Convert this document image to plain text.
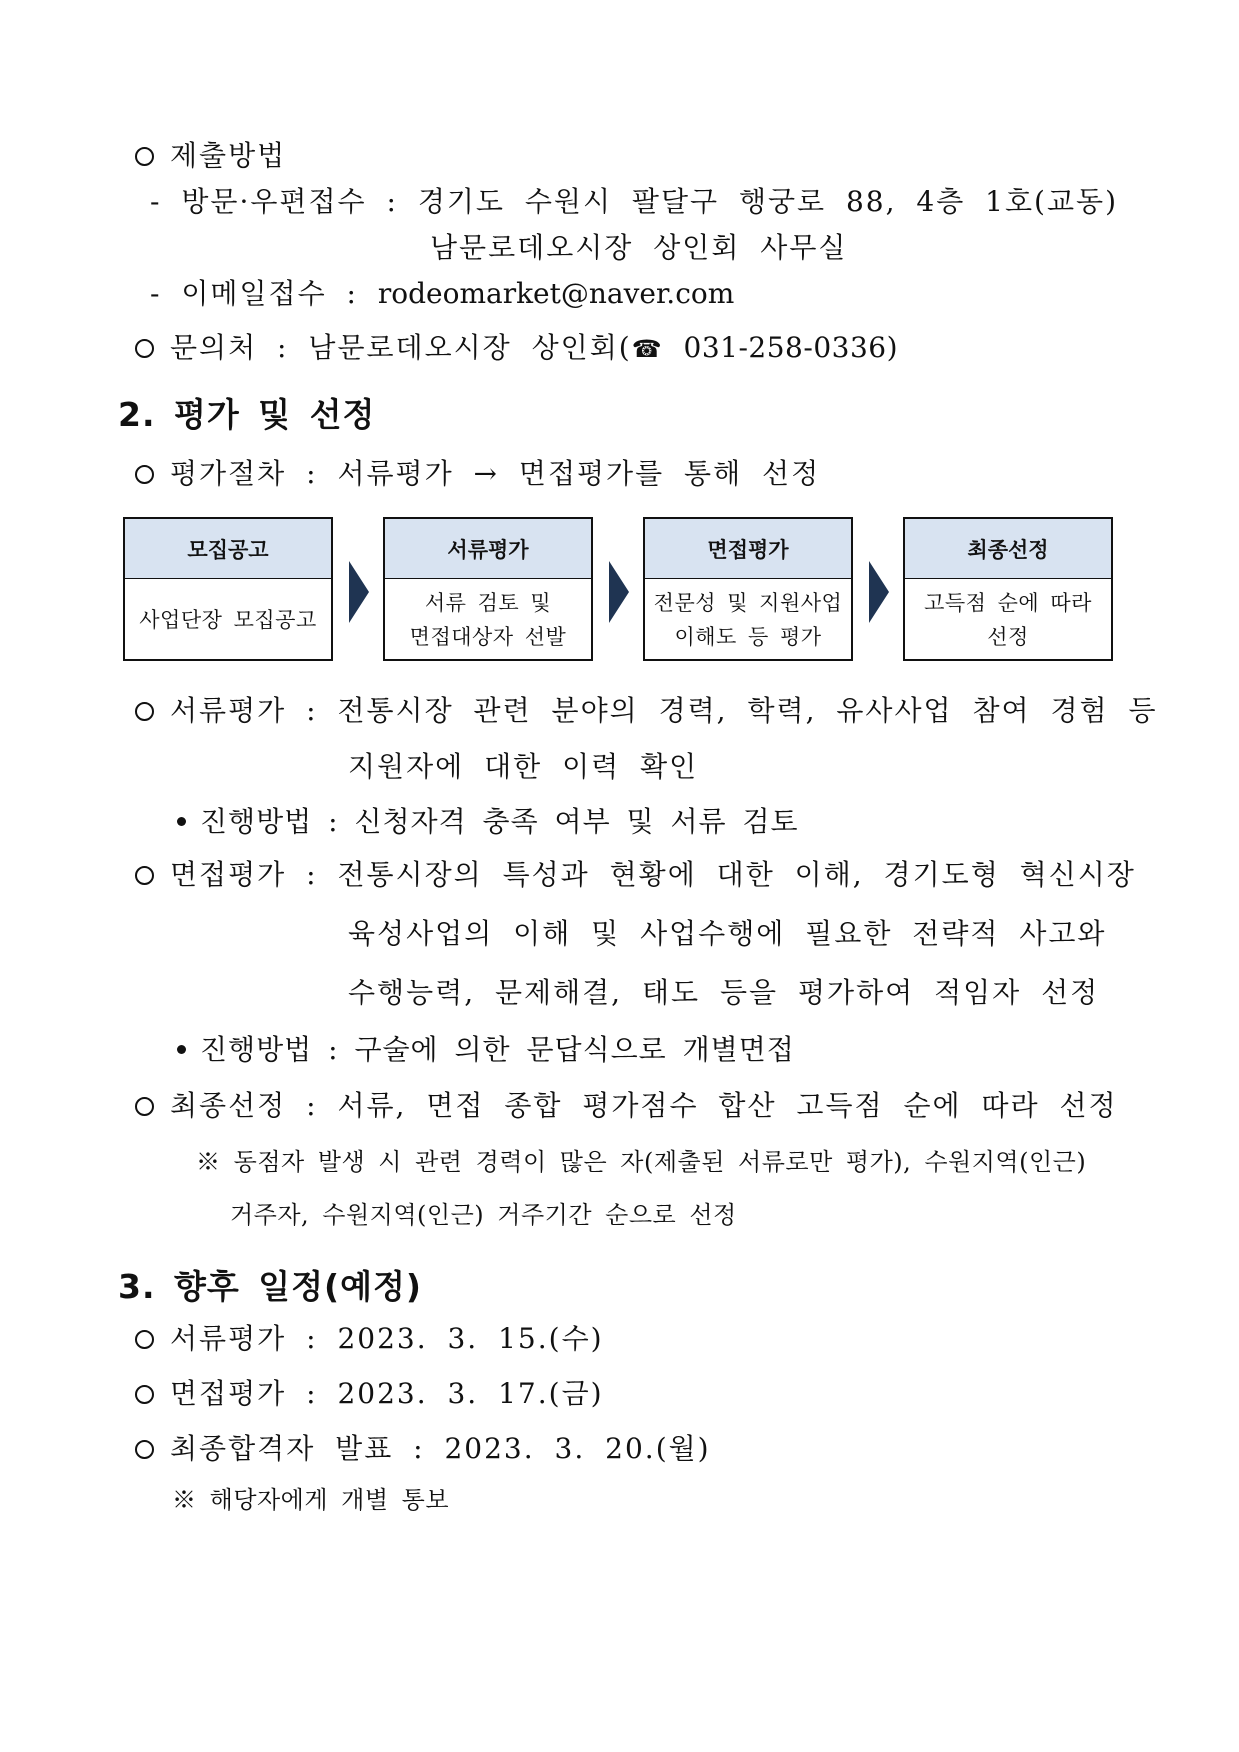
제출방법
- 방문·우편접수 : 경기도 수원시 팔달구 행궁로 88, 4층 1호(교동)
남문로데오시장 상인회 사무실
- 이메일접수 : rodeomarket@naver.com
문의처 : 남문로데오시장 상인회(☎ 031-258-0336)
2. 평가 및 선정
평가절차 : 서류평가 → 면접평가를 통해 선정
모집공고
사업단장 모집공고
서류평가
서류 검토 및
면접대상자 선발
면접평가
전문성 및 지원사업
이해도 등 평가
최종선정
고득점 순에 따라
선정
서류평가 : 전통시장 관련 분야의 경력, 학력, 유사사업 참여 경험 등
지원자에 대한 이력 확인
진행방법 : 신청자격 충족 여부 및 서류 검토
면접평가 : 전통시장의 특성과 현황에 대한 이해, 경기도형 혁신시장
육성사업의 이해 및 사업수행에 필요한 전략적 사고와
수행능력, 문제해결, 태도 등을 평가하여 적임자 선정
진행방법 : 구술에 의한 문답식으로 개별면접
최종선정 : 서류, 면접 종합 평가점수 합산 고득점 순에 따라 선정
※ 동점자 발생 시 관련 경력이 많은 자(제출된 서류로만 평가), 수원지역(인근)
거주자, 수원지역(인근) 거주기간 순으로 선정
3. 향후 일정(예정)
서류평가 : 2023. 3. 15.(수)
면접평가 : 2023. 3. 17.(금)
최종합격자 발표 : 2023. 3. 20.(월)
※ 해당자에게 개별 통보
